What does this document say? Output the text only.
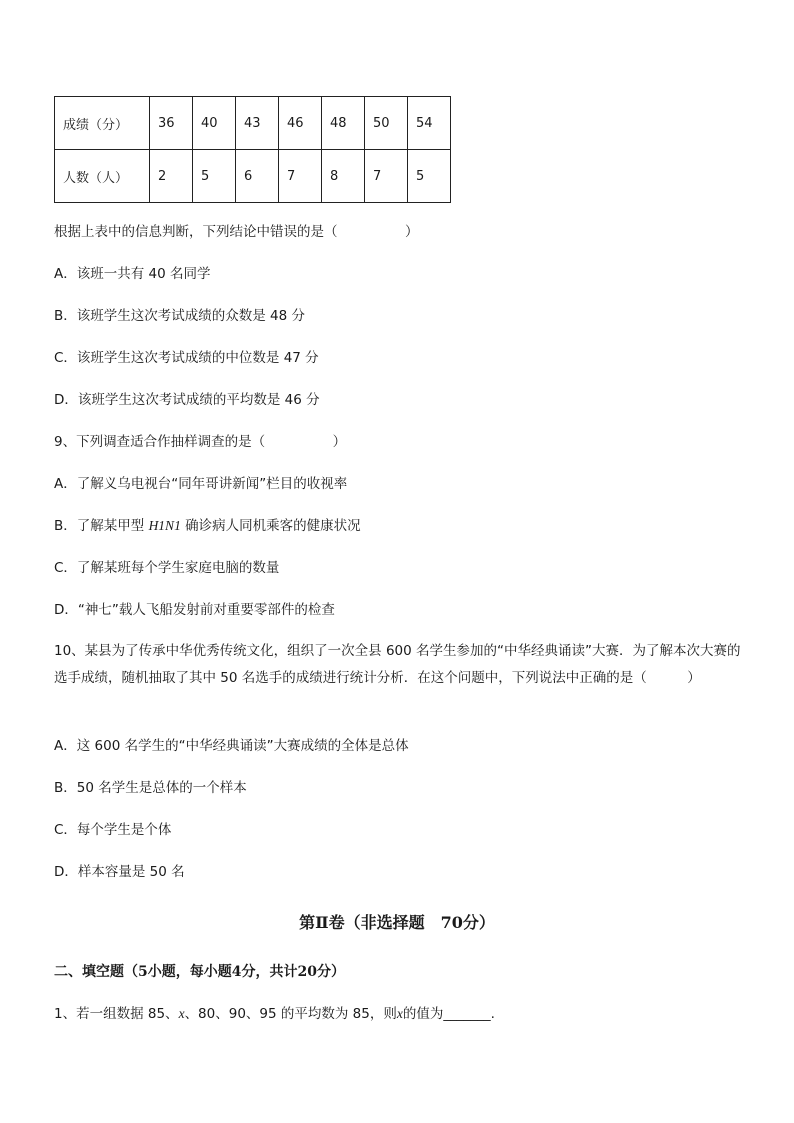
成绩（分）	36	40	43	46	48	50	54
人数（人）	2	5	6	7	8	7	5
根据上表中的信息判断，下列结论中错误的是（　　　　　）
A．该班一共有 40 名同学
B．该班学生这次考试成绩的众数是 48 分
C．该班学生这次考试成绩的中位数是 47 分
D．该班学生这次考试成绩的平均数是 46 分
9、下列调查适合作抽样调查的是（　　　　　）
A．了解义乌电视台“同年哥讲新闻”栏目的收视率
B．了解某甲型 H1N1 确诊病人同机乘客的健康状况
C．了解某班每个学生家庭电脑的数量
D．“神七”载人飞船发射前对重要零部件的检查
10、某县为了传承中华优秀传统文化，组织了一次全县 600 名学生参加的“中华经典诵读”大赛．为了解本次大赛的选手成绩，随机抽取了其中 50 名选手的成绩进行统计分析．在这个问题中，下列说法中正确的是（　　　）
A．这 600 名学生的“中华经典诵读”大赛成绩的全体是总体
B．50 名学生是总体的一个样本
C．每个学生是个体
D．样本容量是 50 名
第Ⅱ卷（非选择题　70分）
二、填空题（5小题，每小题4分，共计20分）
1、若一组数据 85、x、80、90、95 的平均数为 85，则x的值为_______.
